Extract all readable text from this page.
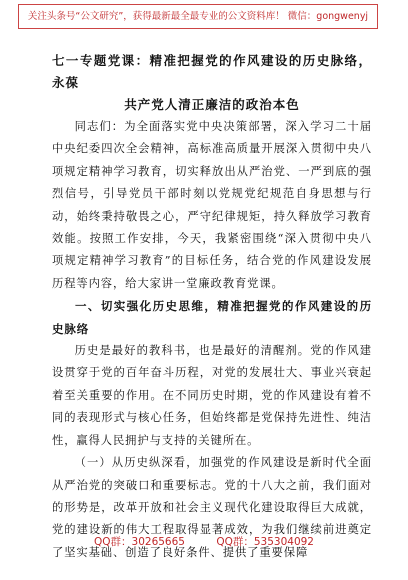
关注头条号“公文研究”，获得最新最全最专业的公文资料库！ 微信：gongwenyj
七一专题党课：精准把握党的作风建设的历史脉络，永葆
共产党人清正廉洁的政治本色

同志们：为全面落实党中央决策部署，深入学习二十届中央纪委四次全会精神，高标准高质量开展深入贯彻中央八项规定精神学习教育，切实释放出从严治党、一严到底的强烈信号，引导党员干部时刻以党规党纪规范自身思想与行动，始终秉持敬畏之心，严守纪律规矩，持久释放学习教育效能。按照工作安排，今天，我紧密围绕“深入贯彻中央八项规定精神学习教育”的目标任务，结合党的作风建设发展历程等内容，给大家讲一堂廉政教育党课。

一、切实强化历史思维，精准把握党的作风建设的历史脉络

历史是最好的教科书，也是最好的清醒剂。党的作风建设贯穿于党的百年奋斗历程，对党的发展壮大、事业兴衰起着至关重要的作用。在不同历史时期，党的作风建设有着不同的表现形式与核心任务，但始终都是党保持先进性、纯洁性，赢得人民拥护与支持的关键所在。

（一）从历史纵深看，加强党的作风建设是新时代全面从严治党的突破口和重要标志。党的十八大之前，我们面对的形势是，改革开放和社会主义现代化建设取得巨大成就，党的建设新的伟大工程取得显著成效，为我们继续前进奠定了坚实基础、创造了良好条件、提供了重要保障

QQ群：30265665	QQ群：535304092
